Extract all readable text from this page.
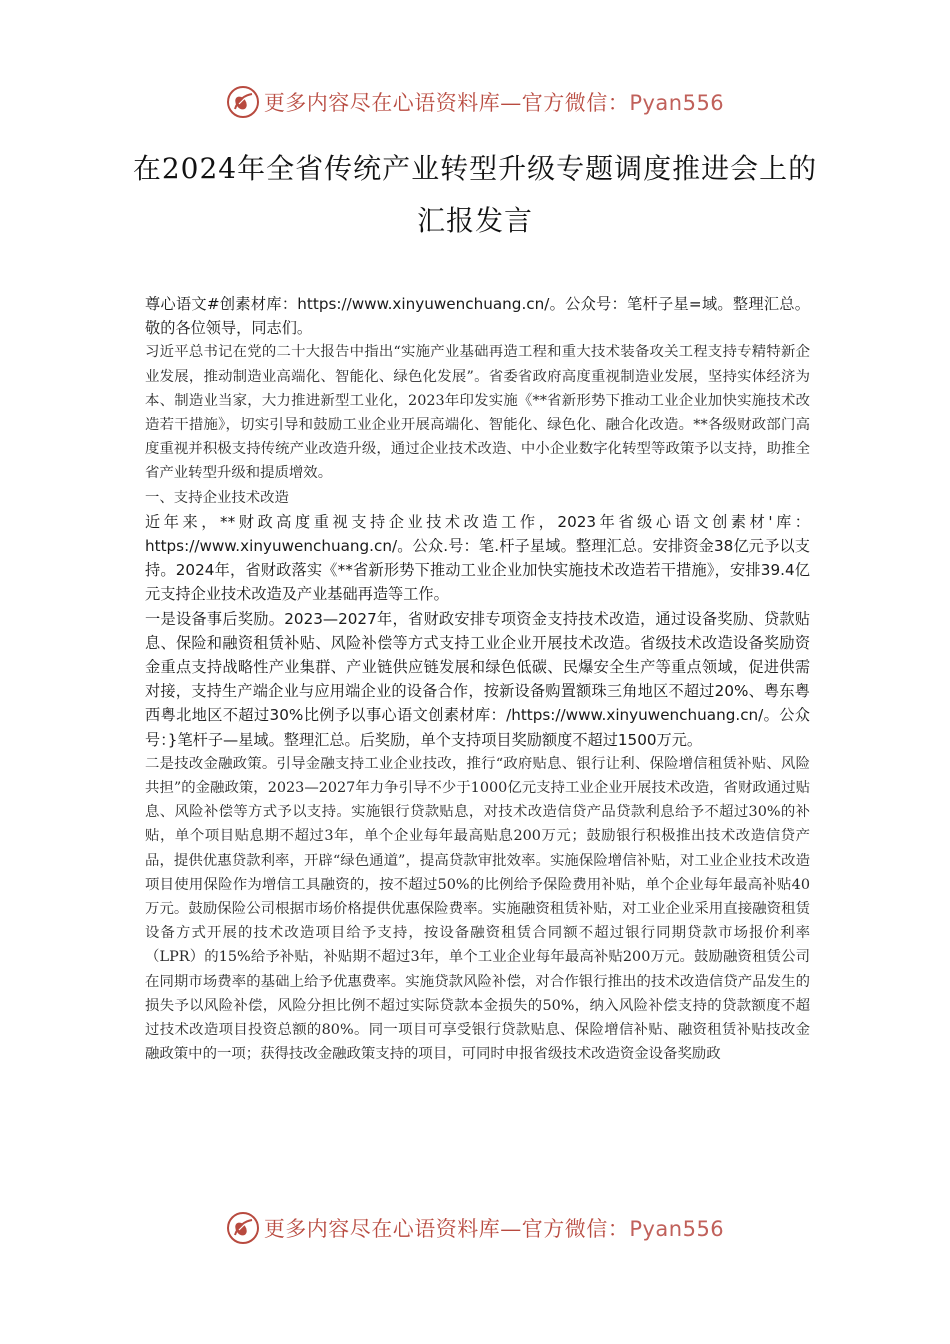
更多内容尽在心语资料库—官方微信：Pyan556
在2024年全省传统产业转型升级专题调度推进会上的汇报发言

尊心语文#创素材库：https://www.xinyuwenchuang.cn/。公众号：笔杆子星=域。整理汇总。敬的各位领导，同志们。

习近平总书记在党的二十大报告中指出“实施产业基础再造工程和重大技术装备攻关工程支持专精特新企业发展，推动制造业高端化、智能化、绿色化发展”。省委省政府高度重视制造业发展，坚持实体经济为本、制造业当家，大力推进新型工业化，2023年印发实施《**省新形势下推动工业企业加快实施技术改造若干措施》，切实引导和鼓励工业企业开展高端化、智能化、绿色化、融合化改造。**各级财政部门高度重视并积极支持传统产业改造升级，通过企业技术改造、中小企业数字化转型等政策予以支持，助推全省产业转型升级和提质增效。

一、支持企业技术改造

近年来，**财政高度重视支持企业技术改造工作，2023年省级心语文创素材'库：https://www.xinyuwenchuang.cn/。公众.号：笔.杆子星域。整理汇总。安排资金38亿元予以支持。2024年，省财政落实《**省新形势下推动工业企业加快实施技术改造若干措施》，安排39.4亿元支持企业技术改造及产业基础再造等工作。

一是设备事后奖励。2023—2027年，省财政安排专项资金支持技术改造，通过设备奖励、贷款贴息、保险和融资租赁补贴、风险补偿等方式支持工业企业开展技术改造。省级技术改造设备奖励资金重点支持战略性产业集群、产业链供应链发展和绿色低碳、民爆安全生产等重点领域，促进供需对接，支持生产端企业与应用端企业的设备合作，按新设备购置额珠三角地区不超过20%、粤东粤西粤北地区不超过30%比例予以事心语文创素材库：/https://www.xinyuwenchuang.cn/。公众号：}笔杆子—星域。整理汇总。后奖励，单个支持项目奖励额度不超过1500万元。

二是技改金融政策。引导金融支持工业企业技改，推行“政府贴息、银行让利、保险增信租赁补贴、风险共担”的金融政策，2023—2027年力争引导不少于1000亿元支持工业企业开展技术改造，省财政通过贴息、风险补偿等方式予以支持。实施银行贷款贴息，对技术改造信贷产品贷款利息给予不超过30%的补贴，单个项目贴息期不超过3年，单个企业每年最高贴息200万元；鼓励银行积极推出技术改造信贷产品，提供优惠贷款利率，开辟“绿色通道”，提高贷款审批效率。实施保险增信补贴，对工业企业技术改造项目使用保险作为增信工具融资的，按不超过50%的比例给予保险费用补贴，单个企业每年最高补贴40万元。鼓励保险公司根据市场价格提供优惠保险费率。实施融资租赁补贴，对工业企业采用直接融资租赁设备方式开展的技术改造项目给予支持，按设备融资租赁合同额不超过银行同期贷款市场报价利率（LPR）的15%给予补贴，补贴期不超过3年，单个工业企业每年最高补贴200万元。鼓励融资租赁公司在同期市场费率的基础上给予优惠费率。实施贷款风险补偿，对合作银行推出的技术改造信贷产品发生的损失予以风险补偿，风险分担比例不超过实际贷款本金损失的50%，纳入风险补偿支持的贷款额度不超过技术改造项目投资总额的80%。同一项目可享受银行贷款贴息、保险增信补贴、融资租赁补贴技改金融政策中的一项；获得技改金融政策支持的项目，可同时申报省级技术改造资金设备奖励政

更多内容尽在心语资料库—官方微信：Pyan556
